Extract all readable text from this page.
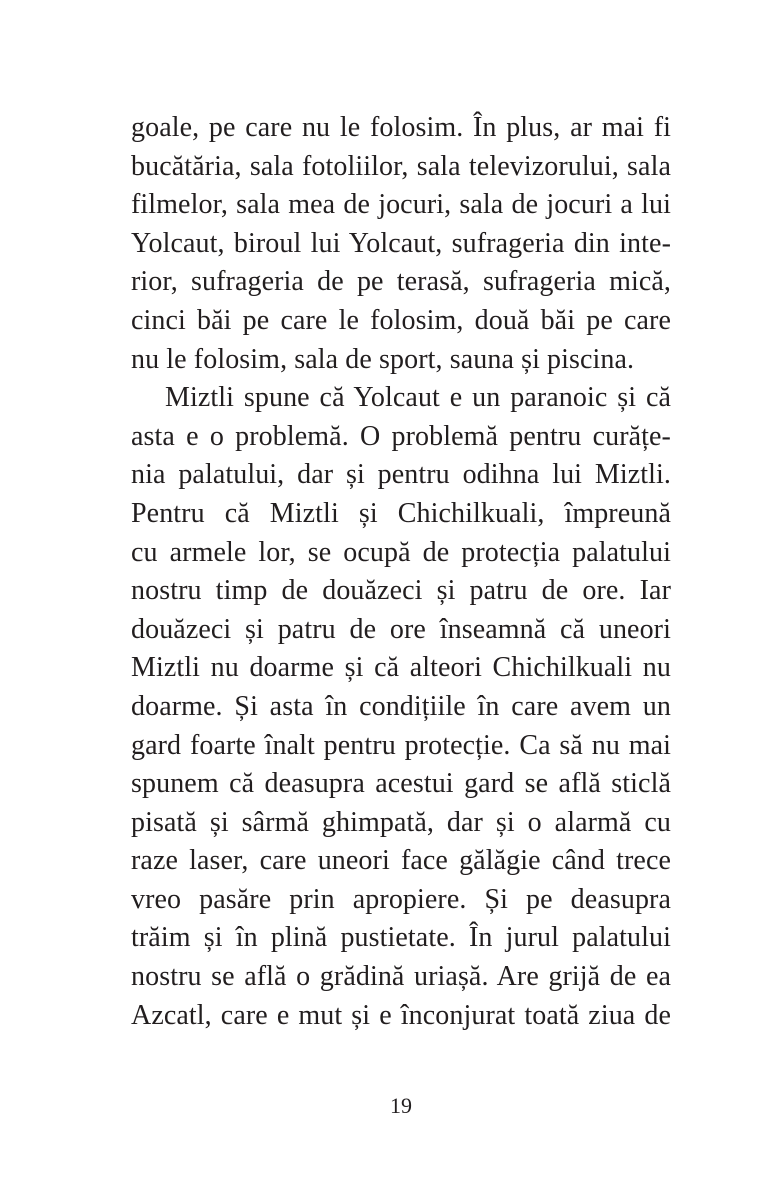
goale, pe care nu le folosim. În plus, ar mai fi
bucătăria, sala fotoliilor, sala televizorului, sala
filmelor, sala mea de jocuri, sala de jocuri a lui
Yolcaut, biroul lui Yolcaut, sufrageria din inte-
rior, sufrageria de pe terasă, sufrageria mică,
cinci băi pe care le folosim, două băi pe care
nu le folosim, sala de sport, sauna și piscina.
Miztli spune că Yolcaut e un paranoic și că
asta e o problemă. O problemă pentru curățe-
nia palatului, dar și pentru odihna lui Miztli.
Pentru că Miztli și Chichilkuali, împreună
cu armele lor, se ocupă de protecția palatului
nostru timp de douăzeci și patru de ore. Iar
douăzeci și patru de ore înseamnă că uneori
Miztli nu doarme și că alteori Chichilkuali nu
doarme. Și asta în condițiile în care avem un
gard foarte înalt pentru protecție. Ca să nu mai
spunem că deasupra acestui gard se află sticlă
pisată și sârmă ghimpată, dar și o alarmă cu
raze laser, care uneori face gălăgie când trece
vreo pasăre prin apropiere. Și pe deasupra
trăim și în plină pustietate. În jurul palatului
nostru se află o grădină uriașă. Are grijă de ea
Azcatl, care e mut și e înconjurat toată ziua de
19
